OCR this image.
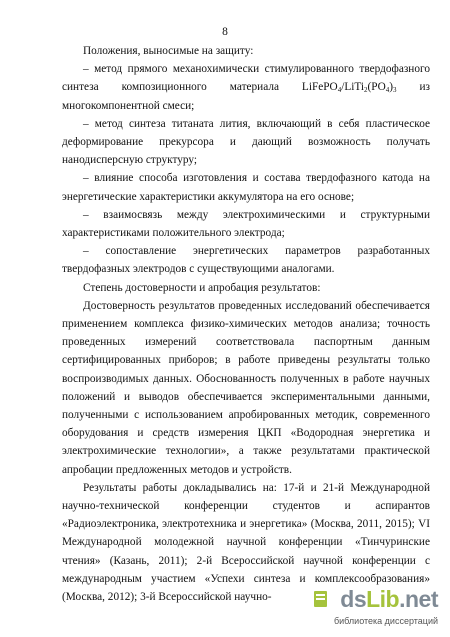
8

Положения, выносимые на защиту:

– метод прямого механохимически стимулированного твердофазного синтеза композиционного материала $LiFePO_4/LiTi_2(PO_4)_3$ из многокомпонентной смеси;

– метод синтеза титаната лития, включающий в себя пластическое деформирование прекурсора и дающий возможность получать нанодисперсную структуру;

– влияние способа изготовления и состава твердофазного катода на энергетические характеристики аккумулятора на его основе;

– взаимосвязь между электрохимическими и структурными характеристиками положительного электрода;

– сопоставление энергетических параметров разработанных твердофазных электродов с существующими аналогами.

Степень достоверности и апробация результатов:

Достоверность результатов проведенных исследований обеспечивается применением комплекса физико-химических методов анализа; точность проведенных измерений соответствовала паспортным данным сертифицированных приборов; в работе приведены результаты только воспроизводимых данных. Обоснованность полученных в работе научных положений и выводов обеспечивается экспериментальными данными, полученными с использованием апробированных методик, современного оборудования и средств измерения ЦКП «Водородная энергетика и электрохимические технологии», а также результатами практической апробации предложенных методов и устройств.

Результаты работы докладывались на: 17-й и 21-й Международной научно-технической конференции студентов и аспирантов «Радиоэлектроника, электротехника и энергетика» (Москва, 2011, 2015); VI Международной молодежной научной конференции «Тинчуринские чтения» (Казань, 2011); 2-й Всероссийской научной конференции с международным участием «Успехи синтеза и комплексообразования» (Москва, 2012); 3-й Всероссийской научно-	dsLib.net
библиотека диссертаций
